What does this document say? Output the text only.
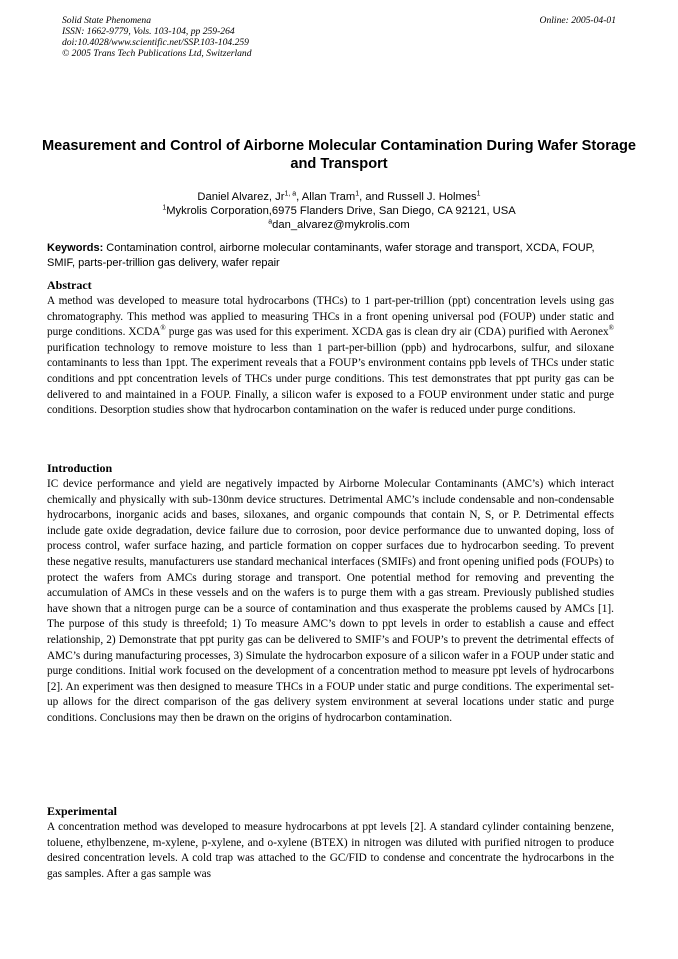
Solid State Phenomena
ISSN: 1662-9779, Vols. 103-104, pp 259-264
doi:10.4028/www.scientific.net/SSP.103-104.259
© 2005 Trans Tech Publications Ltd, Switzerland
Online: 2005-04-01
Measurement and Control of Airborne Molecular Contamination During Wafer Storage and Transport
Daniel Alvarez, Jr$^{1, a}$, Allan Tram$^1$, and Russell J. Holmes$^1$
$^1$Mykrolis Corporation,6975 Flanders Drive, San Diego, CA 92121, USA
$^a$dan_alvarez@mykrolis.com
Keywords: Contamination control, airborne molecular contaminants, wafer storage and transport, XCDA, FOUP, SMIF, parts-per-trillion gas delivery, wafer repair
Abstract

A method was developed to measure total hydrocarbons (THCs) to 1 part-per-trillion (ppt) concentration levels using gas chromatography. This method was applied to measuring THCs in a front opening universal pod (FOUP) under static and purge conditions. XCDA® purge gas was used for this experiment. XCDA gas is clean dry air (CDA) purified with Aeronex® purification technology to remove moisture to less than 1 part-per-billion (ppb) and hydrocarbons, sulfur, and siloxane contaminants to less than 1ppt. The experiment reveals that a FOUP’s environment contains ppb levels of THCs under static conditions and ppt concentration levels of THCs under purge conditions. This test demonstrates that ppt purity gas can be delivered to and maintained in a FOUP. Finally, a silicon wafer is exposed to a FOUP environment under static and purge conditions. Desorption studies show that hydrocarbon contamination on the wafer is reduced under purge conditions.

Introduction

IC device performance and yield are negatively impacted by Airborne Molecular Contaminants (AMC’s) which interact chemically and physically with sub-130nm device structures. Detrimental AMC’s include condensable and non-condensable hydrocarbons, inorganic acids and bases, siloxanes, and organic compounds that contain N, S, or P. Detrimental effects include gate oxide degradation, device failure due to corrosion, poor device performance due to unwanted doping, loss of process control, wafer surface hazing, and particle formation on copper surfaces due to hydrocarbon seeding. To prevent these negative results, manufacturers use standard mechanical interfaces (SMIFs) and front opening unified pods (FOUPs) to protect the wafers from AMCs during storage and transport. One potential method for removing and preventing the accumulation of AMCs in these vessels and on the wafers is to purge them with a gas stream. Previously published studies have shown that a nitrogen purge can be a source of contamination and thus exasperate the problems caused by AMCs [1]. The purpose of this study is threefold; 1) To measure AMC’s down to ppt levels in order to establish a cause and effect relationship, 2) Demonstrate that ppt purity gas can be delivered to SMIF’s and FOUP’s to prevent the detrimental effects of AMC’s during manufacturing processes, 3) Simulate the hydrocarbon exposure of a silicon wafer in a FOUP under static and purge conditions. Initial work focused on the development of a concentration method to measure ppt levels of hydrocarbons [2]. An experiment was then designed to measure THCs in a FOUP under static and purge conditions. The experimental set-up allows for the direct comparison of the gas delivery system environment at several locations under static and purge conditions. Conclusions may then be drawn on the origins of hydrocarbon contamination.

Experimental

A concentration method was developed to measure hydrocarbons at ppt levels [2]. A standard cylinder containing benzene, toluene, ethylbenzene, m-xylene, p-xylene, and o-xylene (BTEX) in nitrogen was diluted with purified nitrogen to produce desired concentration levels. A cold trap was attached to the GC/FID to condense and concentrate the hydrocarbons in the gas samples. After a gas sample was
